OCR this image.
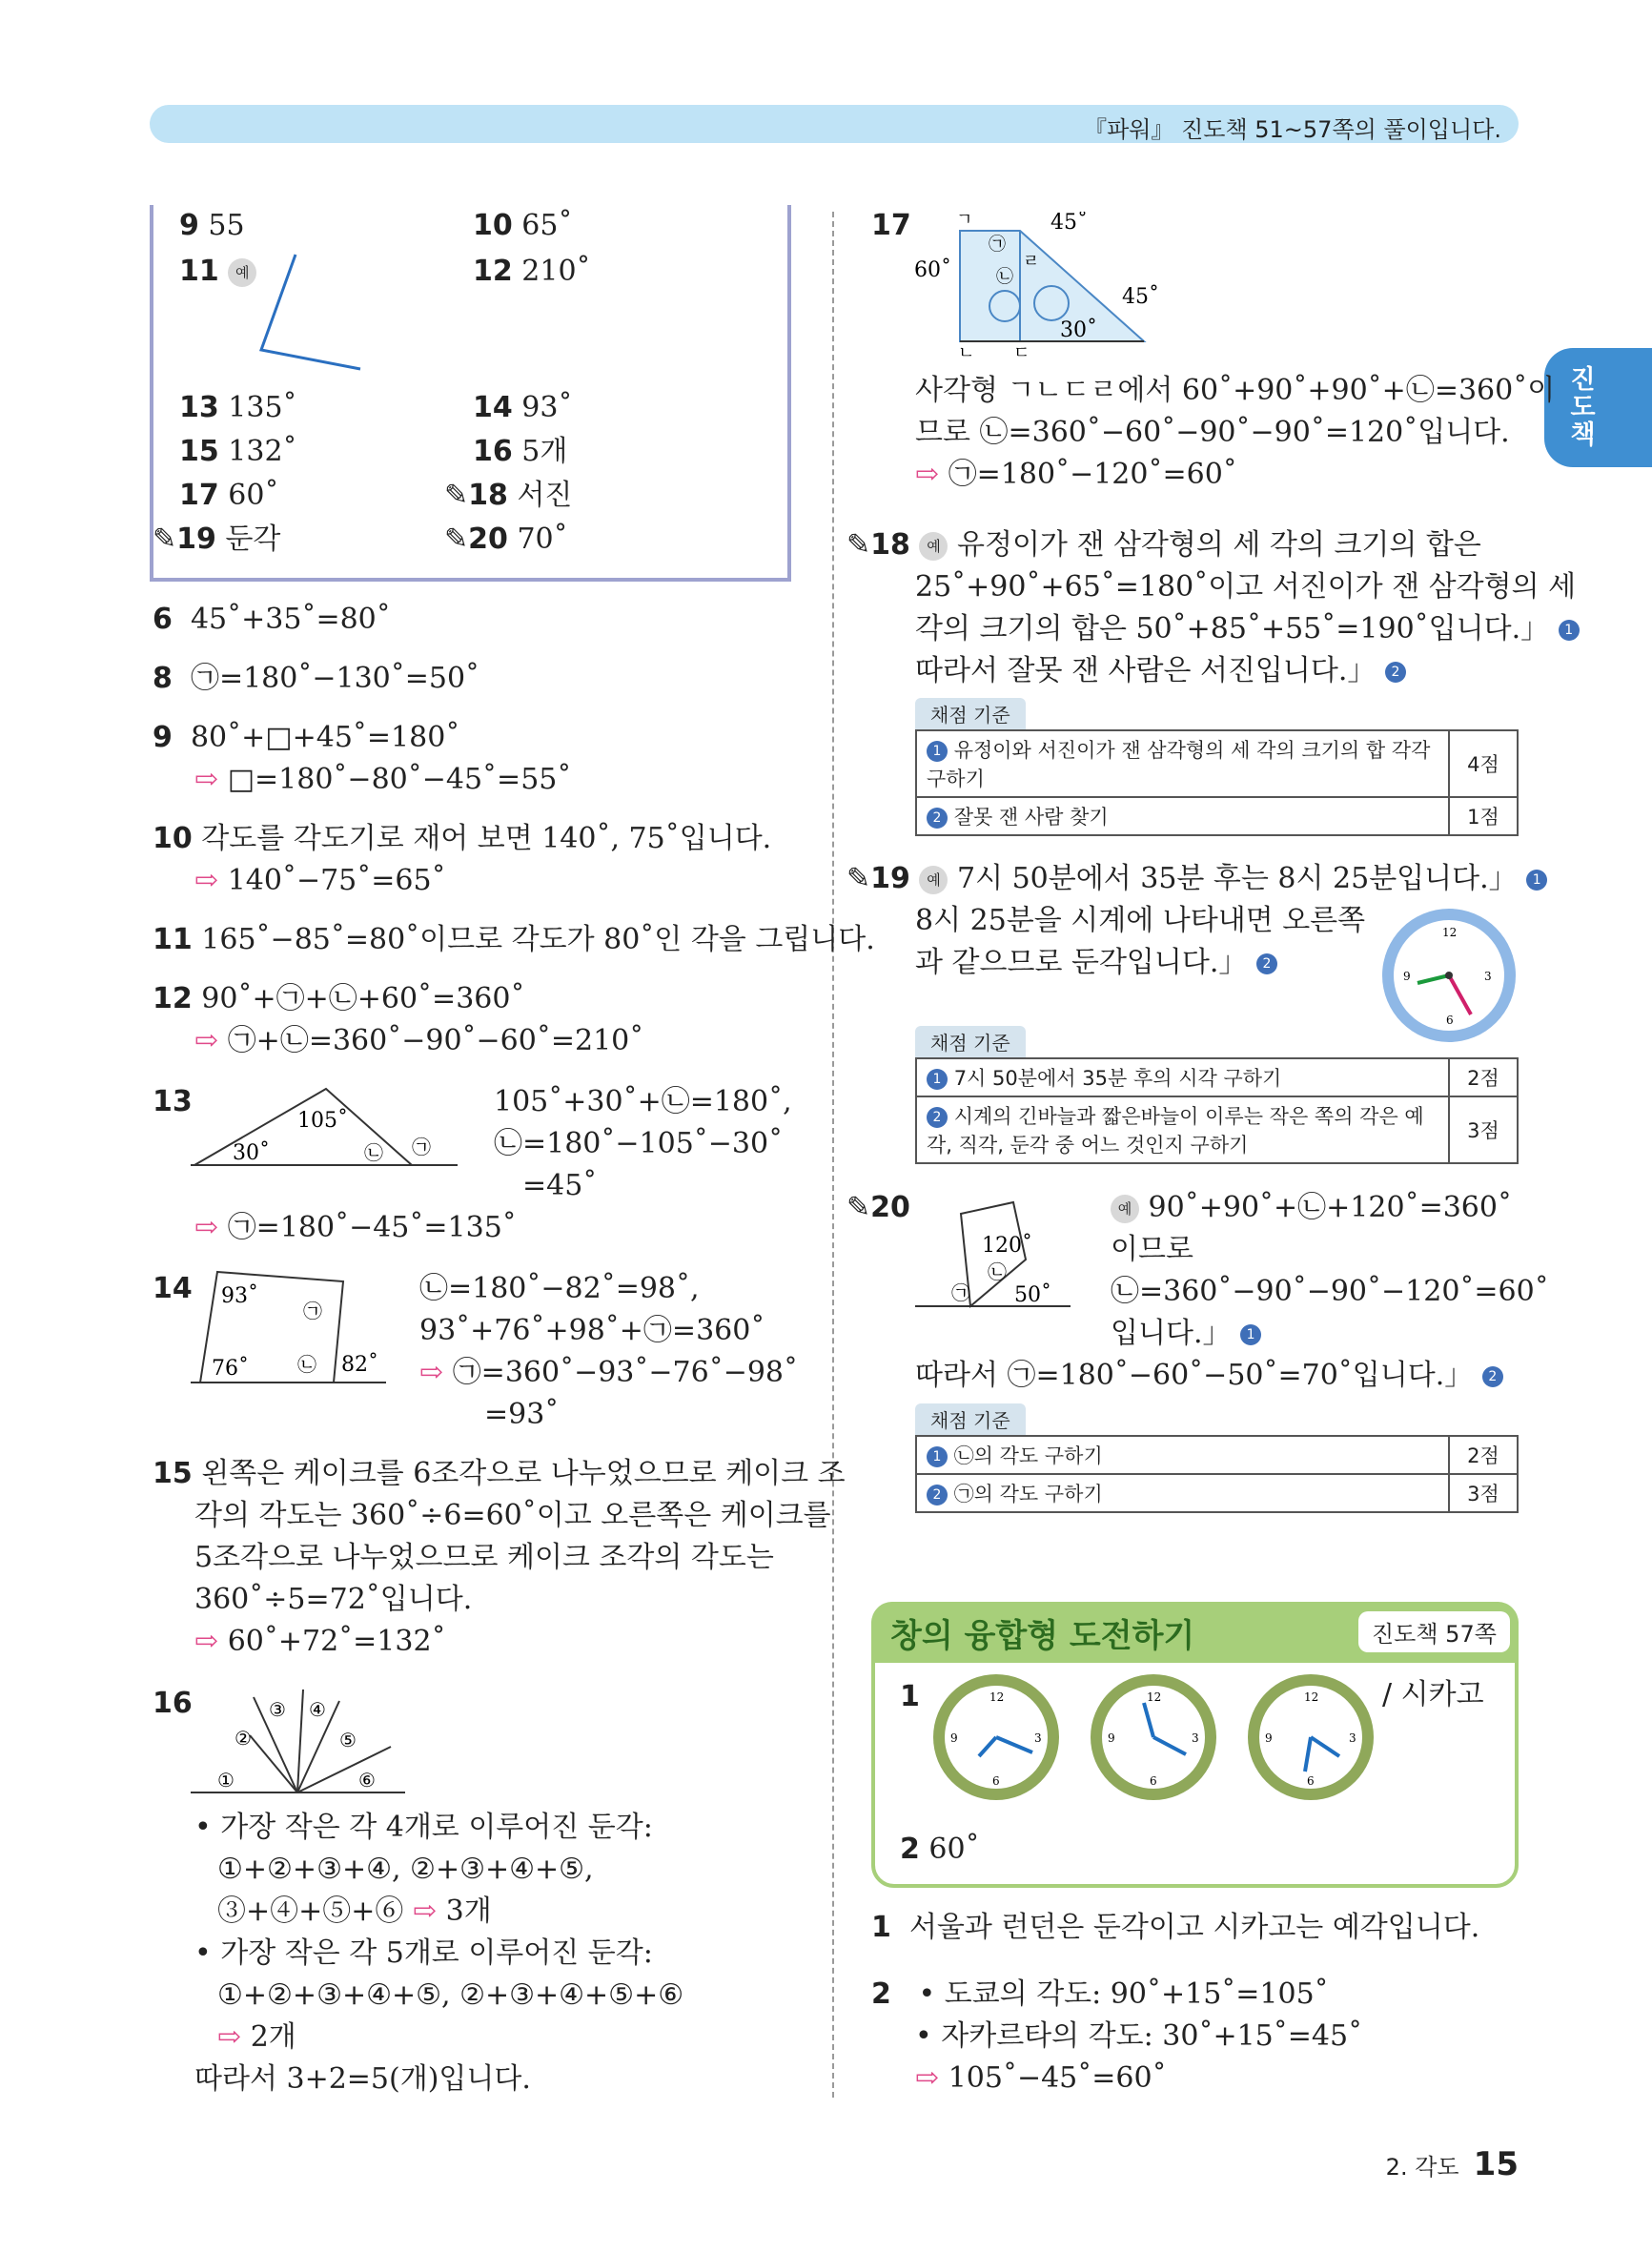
『파워』 진도책 51~57쪽의 풀이입니다.
진도책
9 55	10 65˚
11 예	12 210˚
13 135˚	14 93˚
15 132˚	16 5개
17 60˚	✎18 서진
✎19 둔각	✎20 70˚
6 45˚+35˚=80˚
8 ㉠=180˚−130˚=50˚
9 80˚+□+45˚=180˚
⇨ □=180˚−80˚−45˚=55˚
10 각도를 각도기로 재어 보면 140˚, 75˚입니다.
⇨ 140˚−75˚=65˚
11 165˚−85˚=80˚이므로 각도가 80˚인 각을 그립니다.
12 90˚+㉠+㉡+60˚=360˚
⇨ ㉠+㉡=360˚−90˚−60˚=210˚
13
105˚
30˚	㉡ ㉠
105˚+30˚+㉡=180˚,
㉡=180˚−105˚−30˚
=45˚
⇨ ㉠=180˚−45˚=135˚
14 93˚
76˚	82˚
㉠
㉡
㉡=180˚−82˚=98˚,
93˚+76˚+98˚+㉠=360˚
⇨ ㉠=360˚−93˚−76˚−98˚
=93˚
15 왼쪽은 케이크를 6조각으로 나누었으므로 케이크 조
각의 각도는 360˚÷6=60˚이고 오른쪽은 케이크를
5조각으로 나누었으므로 케이크 조각의 각도는
360˚÷5=72˚입니다.
⇨ 60˚+72˚=132˚
16
①
②
③ ④
⑤
⑥
• 가장 작은 각 4개로 이루어진 둔각:
①+②+③+④, ②+③+④+⑤,
③+④+⑤+⑥ ⇨ 3개
• 가장 작은 각 5개로 이루어진 둔각:
①+②+③+④+⑤, ②+③+④+⑤+⑥
⇨ 2개
따라서 3+2=5(개)입니다.
17	ㄱ
ㄴ ㄷ
ㄹ
45˚
60˚
45˚
30˚
㉠
㉡
사각형 ㄱㄴㄷㄹ에서 60˚+90˚+90˚+㉡=360˚이
므로 ㉡=360˚−60˚−90˚−90˚=120˚입니다.
⇨ ㉠=180˚−120˚=60˚
✎18 예 유정이가 잰 삼각형의 세 각의 크기의 합은
25˚+90˚+65˚=180˚이고 서진이가 잰 삼각형의 세
각의 크기의 합은 50˚+85˚+55˚=190˚입니다.」 1
따라서 잘못 잰 사람은 서진입니다.」 2
채점 기준
1 유정이와 서진이가 잰 삼각형의 세 각의 크기의 합 각각 구하기	4점
2 잘못 잰 사람 찾기	1점
✎19 예 7시 50분에서 35분 후는 8시 25분입니다.」 1
8시 25분을 시계에 나타내면 오른쪽
과 같으므로 둔각입니다.」 2
12
3
6
9
채점 기준
1 7시 50분에서 35분 후의 시각 구하기	2점
2 시계의 긴바늘과 짧은바늘이 이루는 작은 쪽의 각은 예각, 직각, 둔각 중 어느 것인지 구하기	3점
✎20
120˚
50˚
㉡
㉠
예 90˚+90˚+㉡+120˚=360˚
이므로
㉡=360˚−90˚−90˚−120˚=60˚
입니다.」 1
따라서 ㉠=180˚−60˚−50˚=70˚입니다.」 2
채점 기준
1 ㉡의 각도 구하기	2점
2 ㉠의 각도 구하기	3점
창의 융합형 도전하기	진도책 57쪽
1	12
3
6
9
12
3
6
9
12
3
6
9
/ 시카고
2 60˚
1 서울과 런던은 둔각이고 시카고는 예각입니다.
2 • 도쿄의 각도: 90˚+15˚=105˚
• 자카르타의 각도: 30˚+15˚=45˚
⇨ 105˚−45˚=60˚
2. 각도 15
